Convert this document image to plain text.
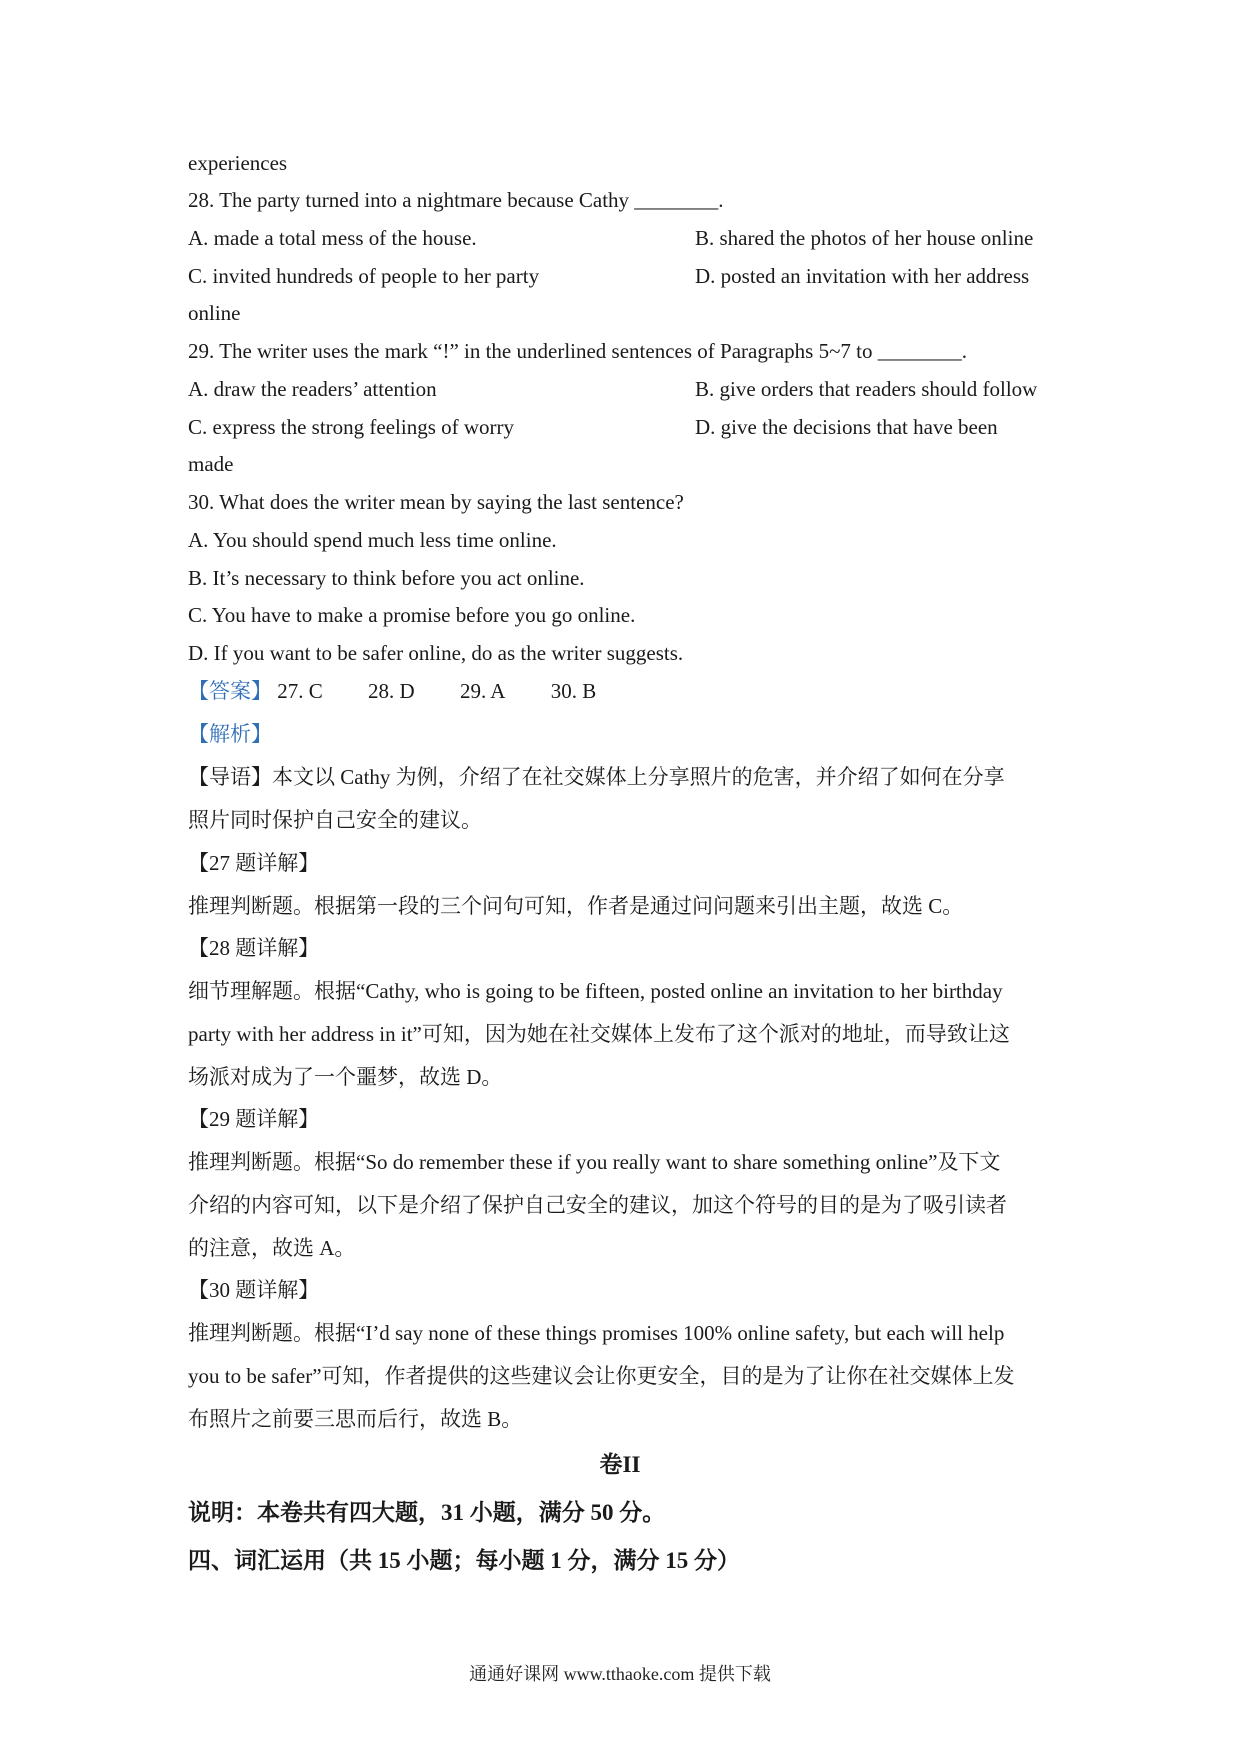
experiences
28. The party turned into a nightmare because Cathy ________.
A. made a total mess of the house.	B. shared the photos of her house online
C. invited hundreds of people to her party	D. posted an invitation with her address
online
29. The writer uses the mark “!” in the underlined sentences of Paragraphs 5~7 to ________.
A. draw the readers’ attention	B. give orders that readers should follow
C. express the strong feelings of worry	D. give the decisions that have been
made
30. What does the writer mean by saying the last sentence?
A. You should spend much less time online.
B. It’s necessary to think before you act online.
C. You have to make a promise before you go online.
D. If you want to be safer online, do as the writer suggests.
【答案】 27. C 28. D 29. A 30. B
【解析】
【导语】本文以 Cathy 为例，介绍了在社交媒体上分享照片的危害，并介绍了如何在分享
照片同时保护自己安全的建议。
【27 题详解】
推理判断题。根据第一段的三个问句可知，作者是通过问问题来引出主题，故选 C。
【28 题详解】
细节理解题。根据“Cathy, who is going to be fifteen, posted online an invitation to her birthday
party with her address in it”可知，因为她在社交媒体上发布了这个派对的地址，而导致让这
场派对成为了一个噩梦，故选 D。
【29 题详解】
推理判断题。根据“So do remember these if you really want to share something online”及下文
介绍的内容可知，以下是介绍了保护自己安全的建议，加这个符号的目的是为了吸引读者
的注意，故选 A。
【30 题详解】
推理判断题。根据“I’d say none of these things promises 100% online safety, but each will help
you to be safer”可知，作者提供的这些建议会让你更安全，目的是为了让你在社交媒体上发
布照片之前要三思而后行，故选 B。
卷II
说明：本卷共有四大题，31 小题，满分 50 分。
四、词汇运用（共 15 小题；每小题 1 分，满分 15 分）
通通好课网 www.tthaoke.com 提供下载
